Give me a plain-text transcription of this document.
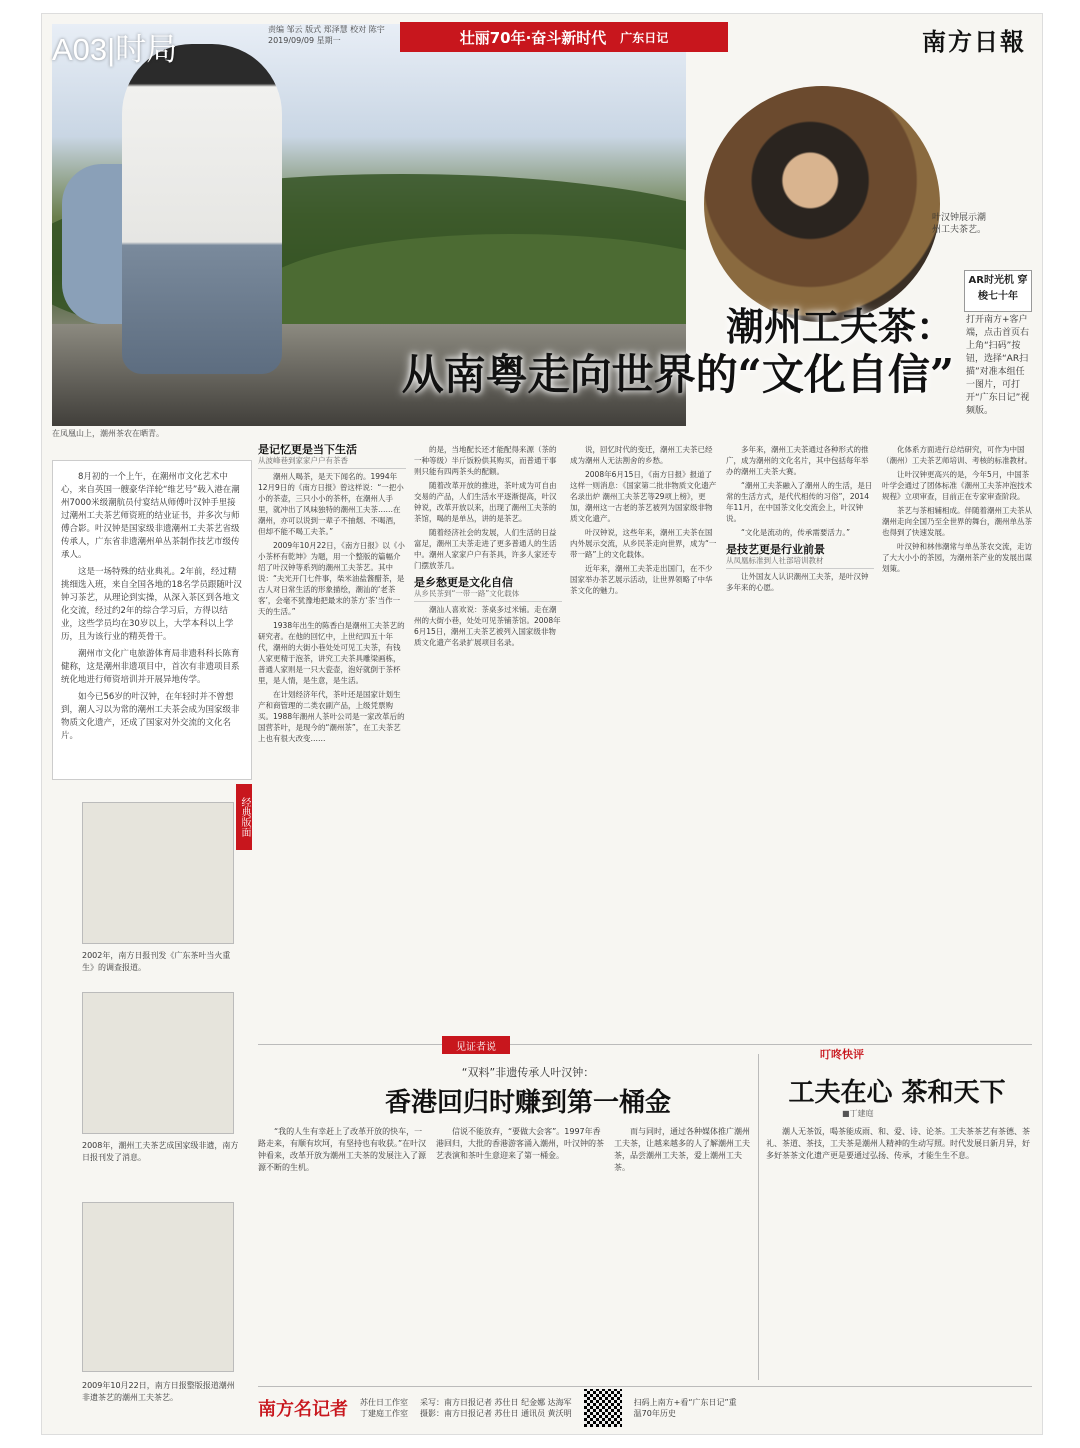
A03|时局
责编 邹云 版式 郑泽慧 校对 陈宇
2019/09/09 星期一	壮丽70年·奋斗新时代 广东日记	南方日報
叶汉钟展示潮州工夫茶艺。
AR时光机 穿梭七十年
打开南方+客户端，点击首页右上角“扫码”按钮，选择“AR扫描”对准本组任一图片，可打开“广东日记”视频版。
潮州工夫茶：
从南粤走向世界的“文化自信”
在凤凰山上，潮州茶农在晒青。

8月初的一个上午，在潮州市文化艺术中心，来自英国一艘豪华洋轮“维艺号”载入港在潮州7000米级潮航员付宴结从师傅叶汉钟手里接过潮州工夫茶艺师资班的结业证书，并多次与师傅合影。叶汉钟是国家级非遗潮州工夫茶艺省级传承人，广东省非遗潮州单丛茶制作技艺市级传承人。

这是一场特殊的结业典礼。2年前，经过精挑细选入班，来自全国各地的18名学员跟随叶汉钟习茶艺，从理论到实操，从深入茶区到各地文化交流，经过约2年的综合学习后，方得以结业，这些学员均在30岁以上，大学本科以上学历，且为该行业的精英骨干。

潮州市文化广电旅游体育局非遗科科长陈育健称，这是潮州非遗项目中，首次有非遗项目系统化地进行师资培训并开展异地传学。

如今已56岁的叶汉钟，在年轻时并不曾想到，潮人习以为常的潮州工夫茶会成为国家级非物质文化遗产，还成了国家对外交流的文化名片。

是记忆更是当下生活
从波峰巷到家家户户有茶香

潮州人喝茶，是天下闻名的。1994年12月9日的《南方日报》曾这样说：“一把小小的茶壶，三只小小的茶杯，在潮州人手里，就冲出了风味独特的潮州工夫茶……在潮州，亦可以说到一辈子不抽烟、不喝酒，但却不能不喝工夫茶。”

2009年10月22日，《南方日报》以《小小茶杯有乾坤》为题，用一个整版的篇幅介绍了叶汉钟等系列的潮州工夫茶艺。其中说：“夫光开门七件事，柴米油盐酱醋茶，是古人对日常生活的形象描绘，潮汕的‘老茶客’，会毫不犹豫地把最末的茶方‘茶’当作一天的生活。”

1938年出生的陈香白是潮州工夫茶艺的研究者。在他的回忆中，上世纪四五十年代，潮州的大街小巷处处可见工夫茶，有钱人家更精于泡茶，讲究工夫茶具雕梁画栋，普通人家则是一只大瓷壶，泡好就倒于茶杯里，是人情，是生意，是生活。

在计划经济年代，茶叶还是国家计划生产和商管理的二类农副产品，上级凭票购买。1988年潮州人茶叶公司是一家改革后的国营茶叶，是现今的“潮州茶”，在工夫茶艺上也有很大改变……

的是，当地配长还才能配得来源（茶的一种等级）半斤饭粉供其购买，而普通干事则只能有四两茶头的配额。

随着改革开放的推进，茶叶成为可自由交易的产品，人们生活水平逐渐提高，叶汉钟说，改革开放以来，出现了潮州工夫茶的茶馆，喝的是单丛，讲的是茶艺。

随着经济社会的发展，人们生活的日益富足，潮州工夫茶走进了更多普通人的生活中。潮州人家家户户有茶具，许多人家还专门摆放茶几。

是乡愁更是文化自信
从乡民茶到“一带一路”文化载体

潮汕人喜欢说：茶桌多过米铺。走在潮州的大街小巷，处处可见茶铺茶馆。2008年6月15日，潮州工夫茶艺被列入国家级非物质文化遗产名录扩展项目名录。

说，回忆时代的变迁，潮州工夫茶已经成为潮州人无法割舍的乡愁。

2008年6月15日，《南方日报》报道了这样一则消息：《国家第二批非物质文化遗产名录出炉 潮州工夫茶艺等29项上榜》，更加，潮州这一古老的茶艺被列为国家级非物质文化遗产。

叶汉钟说，这些年来，潮州工夫茶在国内外展示交流，从乡民茶走向世界，成为“一带一路”上的文化载体。

近年来，潮州工夫茶走出国门，在不少国家举办茶艺展示活动，让世界领略了中华茶文化的魅力。

多年来，潮州工夫茶通过各种形式的推广，成为潮州的文化名片，其中包括每年举办的潮州工夫茶大赛。

“潮州工夫茶融入了潮州人的生活，是日常的生活方式，是代代相传的习俗”，2014年11月，在中国茶文化交流会上，叶汉钟说。

“文化是流动的，传承需要活力。”

是技艺更是行业前景
从凤凰标准到人社部培训教材

让外国友人认识潮州工夫茶，是叶汉钟多年来的心愿。

化体系方面进行总结研究，可作为中国（潮州）工夫茶艺师培训、考核的标准教材。

让叶汉钟更高兴的是，今年5月，中国茶叶学会通过了团体标准《潮州工夫茶冲泡技术规程》立项审查，目前正在专家审查阶段。

茶艺与茶相辅相成。伴随着潮州工夫茶从潮州走向全国乃至全世界的舞台，潮州单丛茶也得到了快速发展。

叶汉钟和林伟潮常与单丛茶农交流，走访了大大小小的茶园，为潮州茶产业的发展出谋划策。

经典版面
2002年，南方日报刊发《广东茶叶当火重生》的调查报道。
2008年，潮州工夫茶艺成国家级非遗，南方日报刊发了消息。
2009年10月22日，南方日报整版报道潮州非遗茶艺的潮州工夫茶艺。
见证者说
“双料”非遗传承人叶汉钟：
香港回归时赚到第一桶金

“我的人生有幸赶上了改革开放的快车，一路走来，有顺有坎坷，有坚持也有收获。”在叶汉钟看来，改革开放为潮州工夫茶的发展注入了源源不断的生机。

信说不能放弃，“要做大会客”。1997年香港回归，大批的香港游客涌入潮州，叶汉钟的茶艺表演和茶叶生意迎来了第一桶金。

而与同时，通过各种媒体推广潮州工夫茶，让越来越多的人了解潮州工夫茶，品尝潮州工夫茶，爱上潮州工夫茶。

叮咚快评
工夫在心 茶和天下
■丁建庭

潮人无茶饭，喝茶能成雨、和、爱、诗、论茶。工夫茶茶艺有茶德、茶礼、茶道、茶技，工夫茶是潮州人精神的生动写照。时代发展日新月异，好多好茶茶文化遗产更是要通过弘扬、传承，才能生生不息。

南方名记者 苏仕日工作室
丁建庭工作室
采写：南方日报记者 苏仕日 纪金娜 达海军
摄影：南方日报记者 苏仕日 通讯员 黄沃明
扫码上南方+看“广东日记”重温70年历史
